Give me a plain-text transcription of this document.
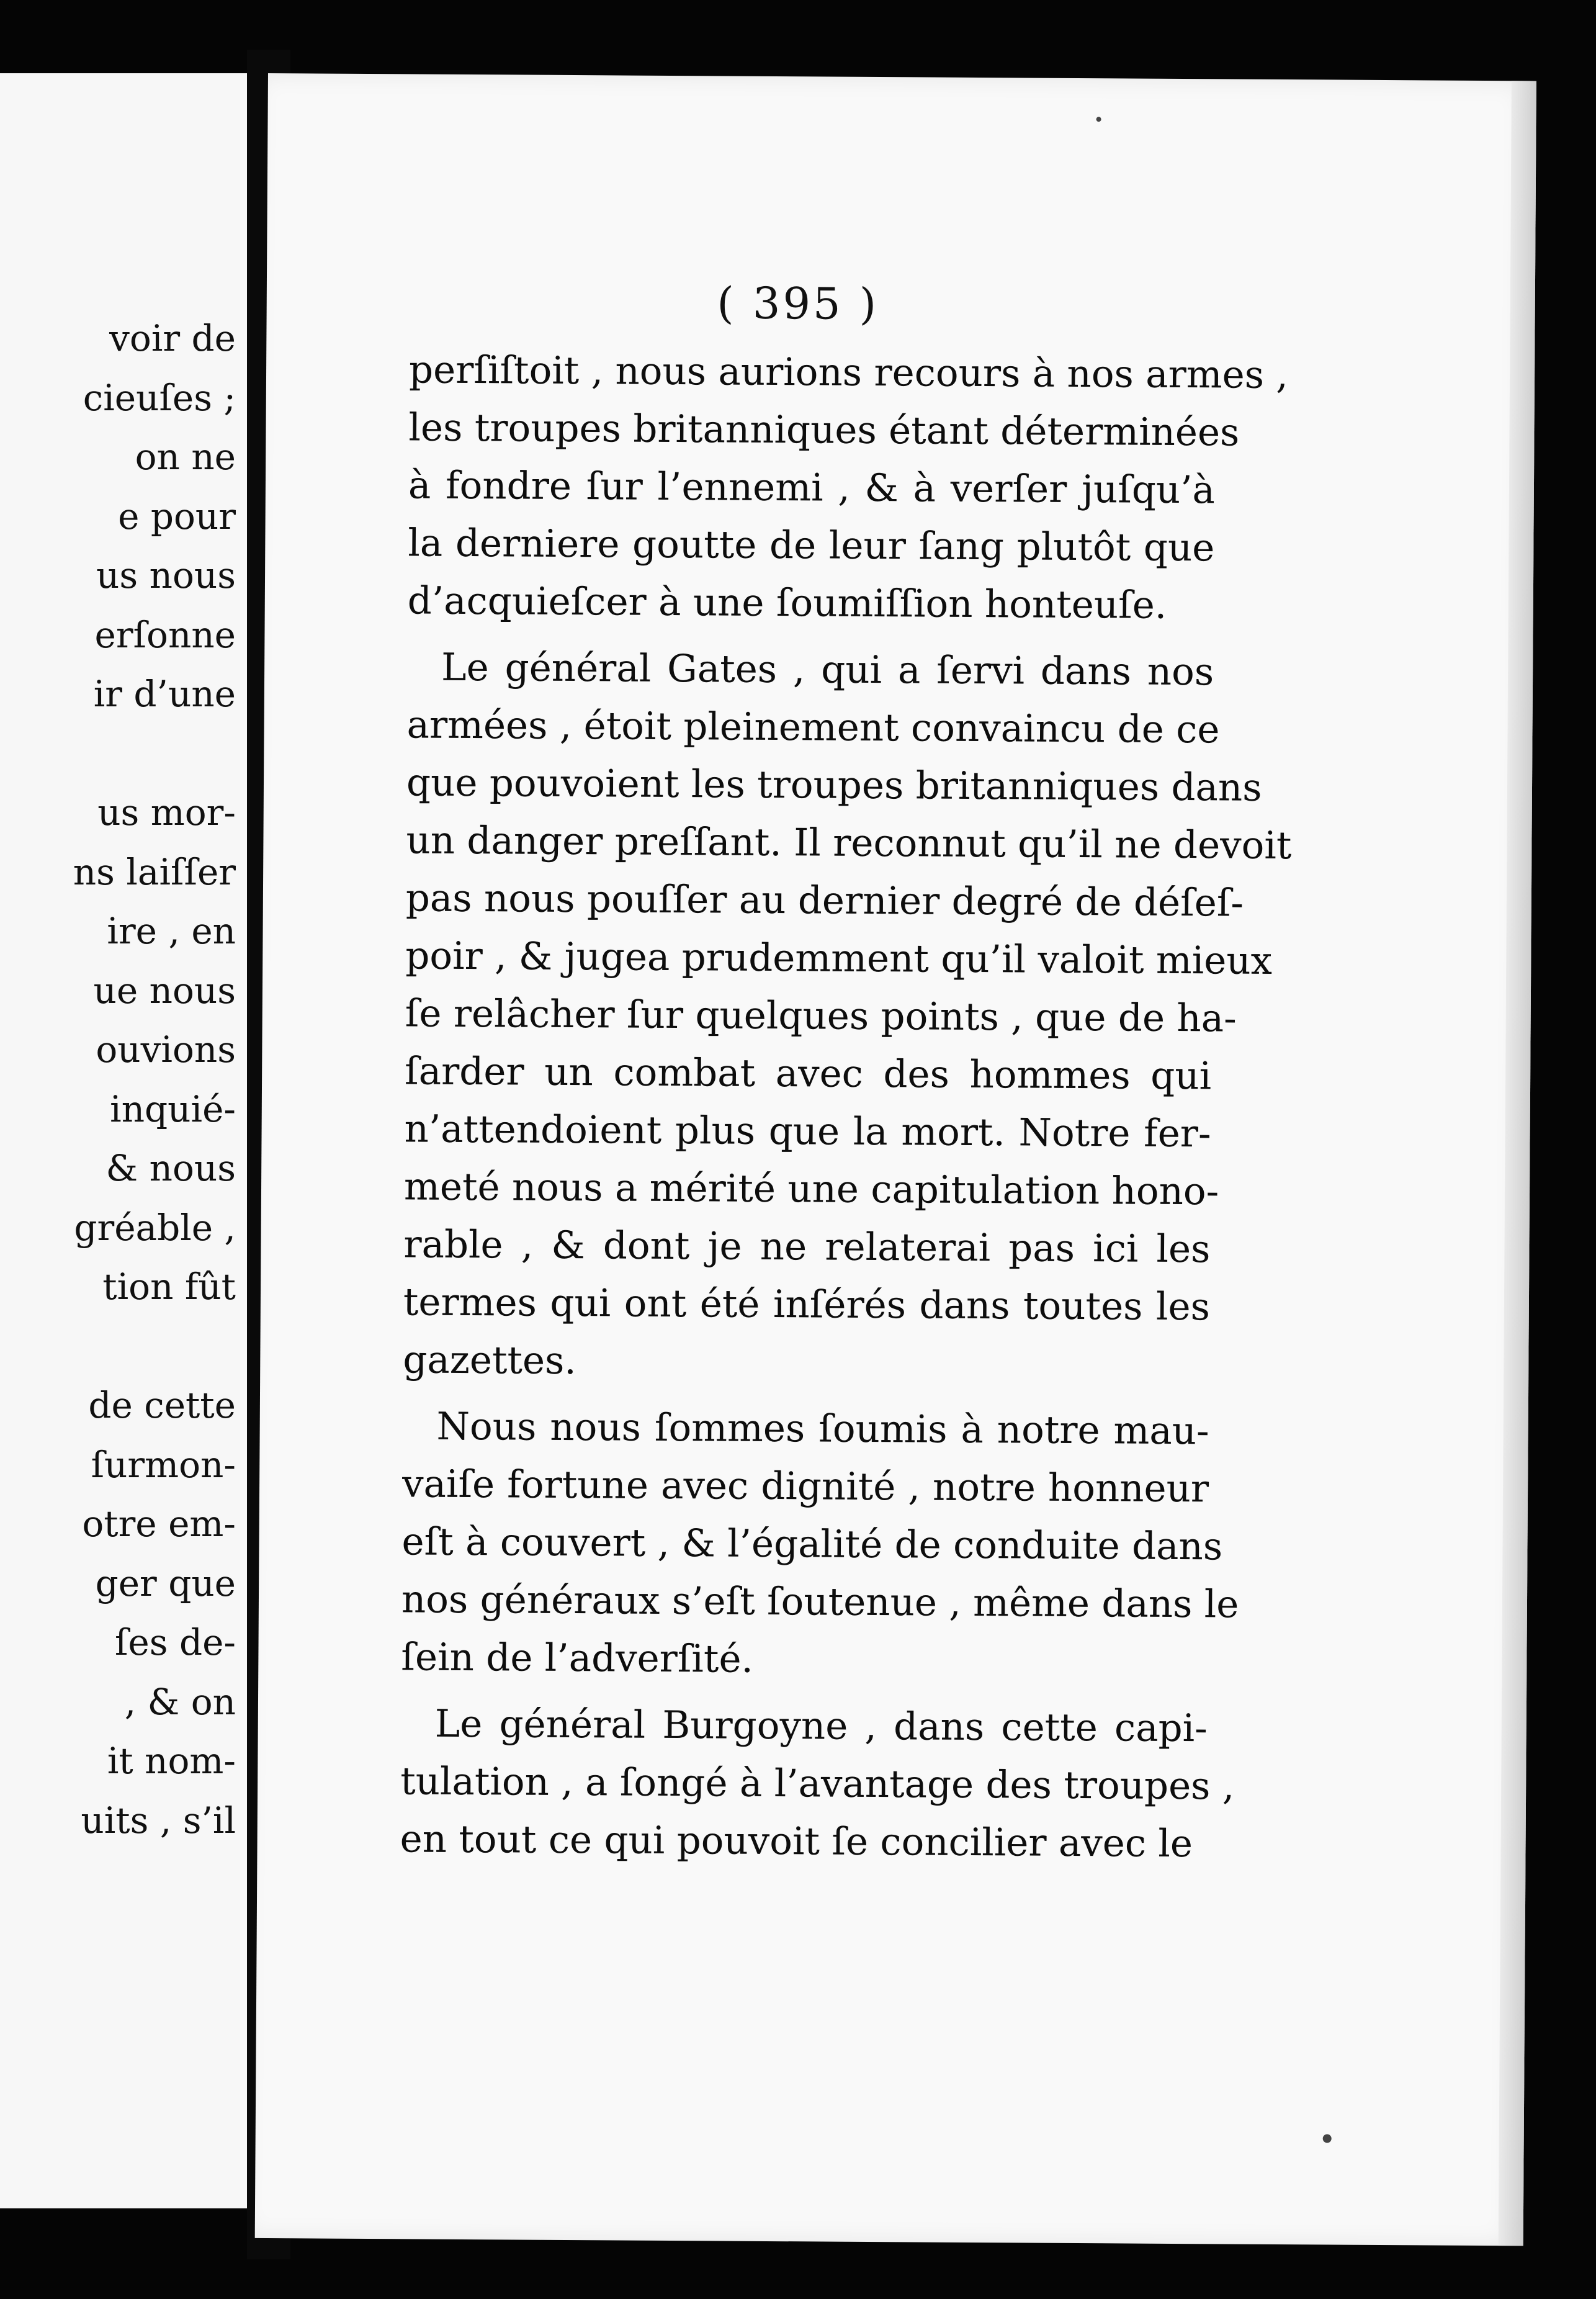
voir de
cieuſes ;
on ne
e pour
us nous
erſonne
ir d’une
us mor-
ns laiſſer
ire , en
ue nous
ouvions
inquié-
& nous
gréable ,
tion fût
de cette
ſurmon-
otre em-
ger que
ſes de-
, & on
it nom-
uits , s’il
( 395 )
perſiſtoit , nous aurions recours à nos armes ,
les troupes britanniques étant déterminées
à fondre ſur l’ennemi , & à verſer juſqu’à
la derniere goutte de leur ſang plutôt que
d’acquieſcer à une ſoumiſſion honteuſe.
Le général Gates , qui a ſervi dans nos
armées , étoit pleinement convaincu de ce
que pouvoient les troupes britanniques dans
un danger preſſant. Il reconnut qu’il ne devoit
pas nous pouſſer au dernier degré de déſeſ-
poir , & jugea prudemment qu’il valoit mieux
ſe relâcher ſur quelques points , que de ha-
ſarder un combat avec des hommes qui
n’attendoient plus que la mort. Notre fer-
meté nous a mérité une capitulation hono-
rable , & dont je ne relaterai pas ici les
termes qui ont été inſérés dans toutes les
gazettes.
Nous nous ſommes ſoumis à notre mau-
vaiſe fortune avec dignité , notre honneur
eſt à couvert , & l’égalité de conduite dans
nos généraux s’eſt ſoutenue , même dans le
ſein de l’adverſité.
Le général Burgoyne , dans cette capi-
tulation , a ſongé à l’avantage des troupes ,
en tout ce qui pouvoit ſe concilier avec le
